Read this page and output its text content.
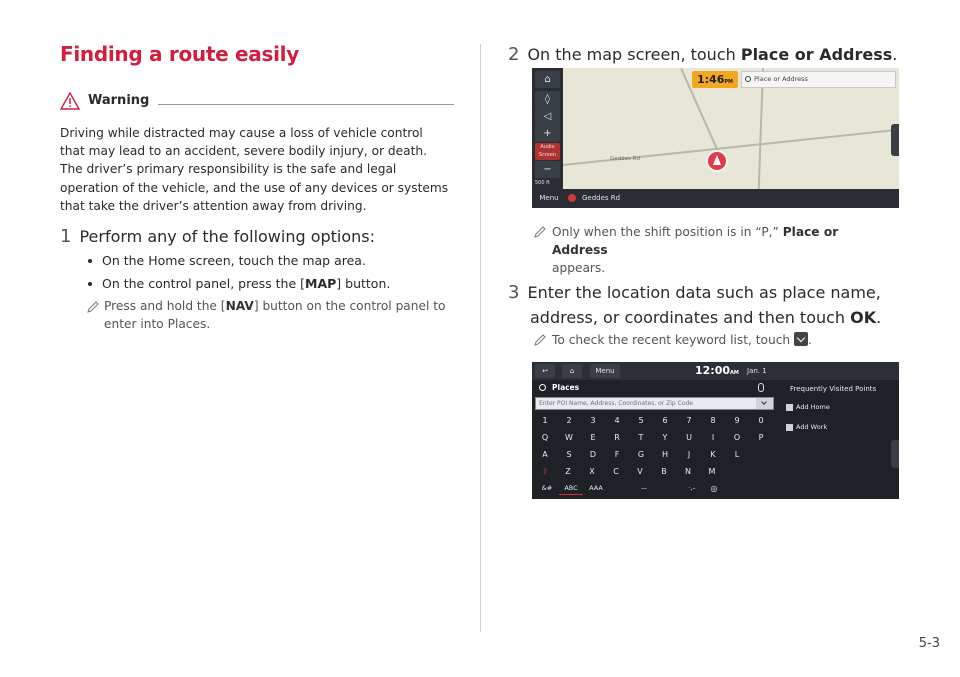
Finding a route easily
Warning
Driving while distracted may cause a loss of vehicle control that may lead to an accident, severe bodily injury, or death. The driver’s primary responsibility is the safe and legal operation of the vehicle, and the use of any devices or systems that take the driver’s attention away from driving.
1 Perform any of the following options:
On the Home screen, touch the map area.
On the control panel, press the [MAP] button.
Press and hold the [NAV] button on the control panel to enter into Places.
2 On the map screen, touch Place or Address.
Geddes Rd
⌂
◊
◁
+
Audio Screen
−
500 ft
1:46PM	Place or Address
Menu	Geddes Rd
Only when the shift position is in “P,” Place or Address
appears.
3 Enter the location data such as place name,
address, or coordinates and then touch OK.
To check the recent keyword list, touch .
↩	⌂	Menu	12:00AM Jan. 1
Places
Enter POI Name, Address, Coordinates, or Zip Code
1	2	3	4	5	6	7	8	9	0
Q	W	E	R	T	Y	U	I	O	P
A	S	D	F	G	H	J	K	L
Z	X	C	V	B	N	M
⇧
&#	ABC	AAA	—	·,–	◎
Frequently Visited Points
Add Home
Add Work
5-3
